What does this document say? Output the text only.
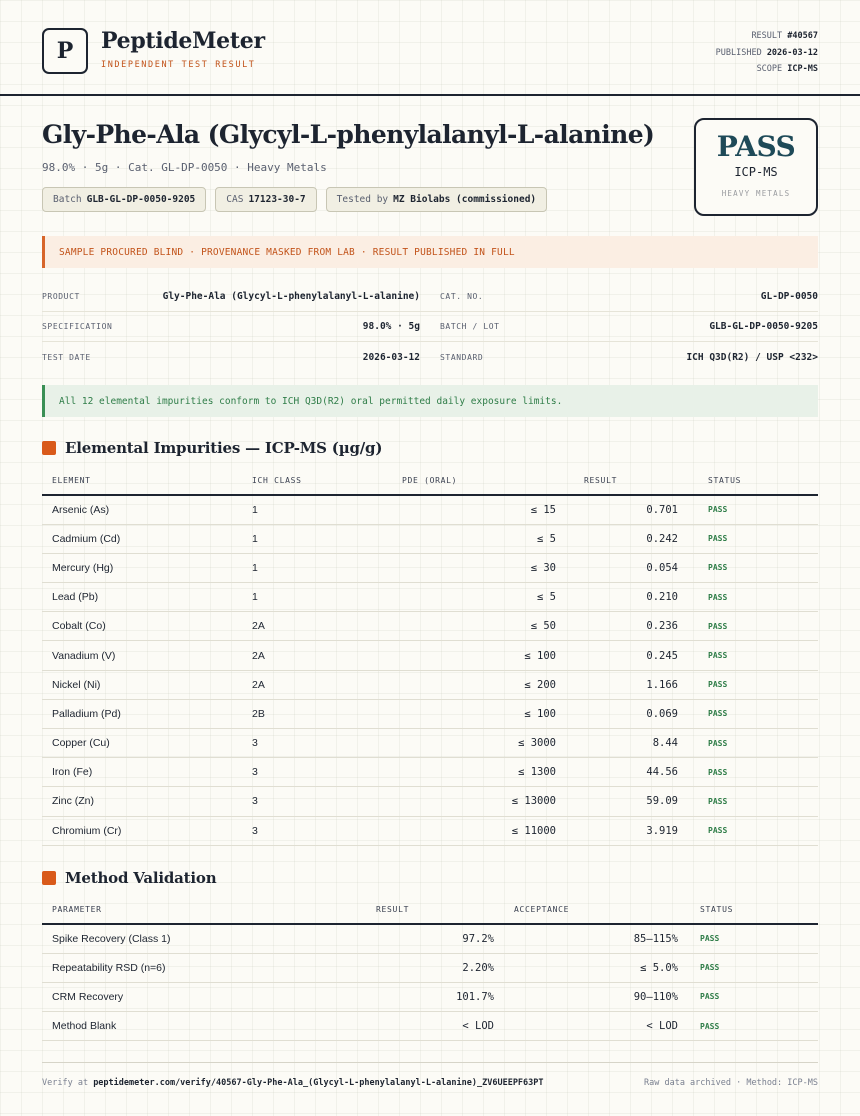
P PeptideMeter
INDEPENDENT TEST RESULT
RESULT #40567
PUBLISHED 2026-03-12
SCOPE ICP-MS
Gly-Phe-Ala (Glycyl-L-phenylalanyl-L-alanine)
98.0% · 5g · Cat. GL-DP-0050 · Heavy Metals
Batch GLB-GL-DP-0050-9205	CAS 17123-30-7	Tested by MZ Biolabs (commissioned)
PASS
ICP-MS
HEAVY METALS
SAMPLE PROCURED BLIND · PROVENANCE MASKED FROM LAB · RESULT PUBLISHED IN FULL
PRODUCT	Gly-Phe-Ala (Glycyl-L-phenylalanyl-L-alanine)	CAT. NO.	GL-DP-0050
SPECIFICATION	98.0% · 5g	BATCH / LOT	GLB-GL-DP-0050-9205
TEST DATE	2026-03-12	STANDARD	ICH Q3D(R2) / USP <232>
All 12 elemental impurities conform to ICH Q3D(R2) oral permitted daily exposure limits.
Elemental Impurities — ICP-MS (µg/g)
ELEMENT	ICH CLASS	PDE (ORAL)	RESULT	STATUS
Arsenic (As)	1	≤ 15	0.701	PASS
Cadmium (Cd)	1	≤ 5	0.242	PASS
Mercury (Hg)	1	≤ 30	0.054	PASS
Lead (Pb)	1	≤ 5	0.210	PASS
Cobalt (Co)	2A	≤ 50	0.236	PASS
Vanadium (V)	2A	≤ 100	0.245	PASS
Nickel (Ni)	2A	≤ 200	1.166	PASS
Palladium (Pd)	2B	≤ 100	0.069	PASS
Copper (Cu)	3	≤ 3000	8.44	PASS
Iron (Fe)	3	≤ 1300	44.56	PASS
Zinc (Zn)	3	≤ 13000	59.09	PASS
Chromium (Cr)	3	≤ 11000	3.919	PASS
Method Validation
PARAMETER	RESULT	ACCEPTANCE	STATUS
Spike Recovery (Class 1)	97.2%	85–115%	PASS
Repeatability RSD (n=6)	2.20%	≤ 5.0%	PASS
CRM Recovery	101.7%	90–110%	PASS
Method Blank	< LOD	< LOD	PASS
Verify at peptidemeter.com/verify/40567-Gly-Phe-Ala_(Glycyl-L-phenylalanyl-L-alanine)_ZV6UEEPF63PT	Raw data archived · Method: ICP-MS
